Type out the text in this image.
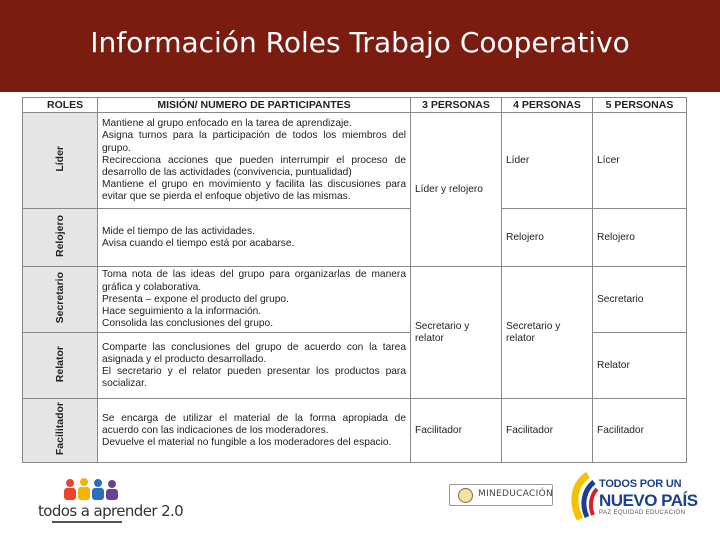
Información Roles Trabajo Cooperativo
ROLES	MISIÓN/ NUMERO DE PARTICIPANTES	3 PERSONAS	4 PERSONAS	5 PERSONAS
Líder	Mantiene al grupo enfocado en la tarea de aprendizaje.
Asigna turnos para la participación de todos los miembros del grupo.
Recirecciona acciones que pueden interrumpir el proceso de desarrollo de las actividades (convivencia, puntualidad)
Mantiene el grupo en movimiento y facilita las discusiones para evitar que se pierda el enfoque objetivo de las mismas.	Líder y relojero	Líder	Lícer
Relojero	Mide el tiempo de las actividades.
Avisa cuando el tiempo está por acabarse.		Relojero	Relojero
Secretario	Toma nota de las ideas del grupo para organizarlas de manera gráfica y colaborativa.
Presenta – expone el producto del grupo.
Hace seguimiento a la información.
Consolida las conclusiones del grupo.	Secretario y relator	Secretario y relator	Secretario
Relator	Comparte las conclusiones del grupo de acuerdo con la tarea asignada y el producto desarrollado.
El secretario y el relator pueden presentar los productos para socializar.			Relator
Facilitador	Se encarga de utilizar el material de la forma apropiada de acuerdo con las indicaciones de los moderadores.
Devuelve el material no fungible a los moderadores del espacio.	Facilitador	Facilitador	Facilitador
todos a aprender 2.0
MINEDUCACIÓN
TODOS POR UN
NUEVO PAÍS
PAZ EQUIDAD EDUCACIÓN
